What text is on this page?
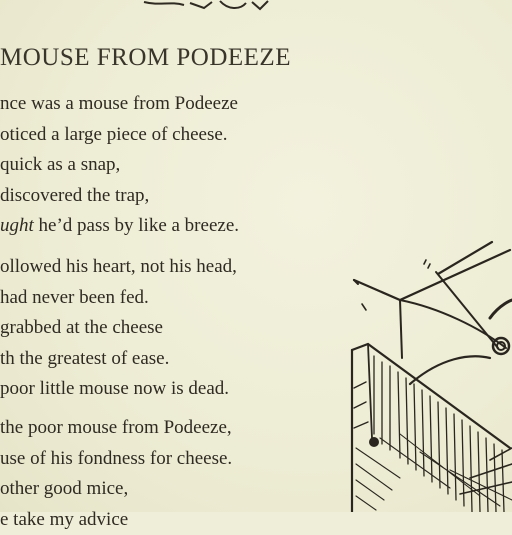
MOUSE FROM PODEEZE
nce was a mouse from Podeeze
oticed a large piece of cheese.
quick as a snap,
discovered the trap,
ught he’d pass by like a breeze.
ollowed his heart, not his head,
had never been fed.
grabbed at the cheese
th the greatest of ease.
poor little mouse now is dead.
the poor mouse from Podeeze,
use of his fondness for cheese.
other good mice,
e take my advice
